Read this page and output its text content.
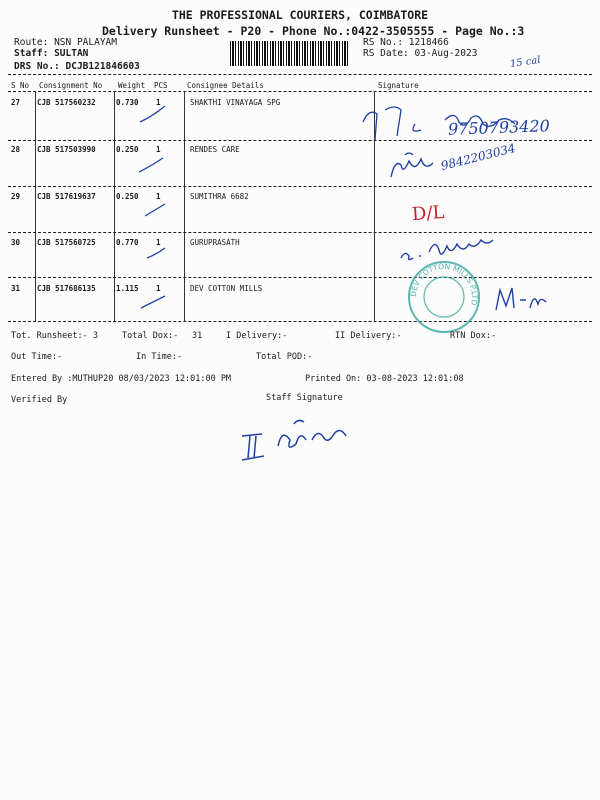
THE PROFESSIONAL COURIERS, COIMBATORE
Delivery Runsheet - P20 - Phone No.:0422-3505555 - Page No.:3
Route: NSN PALAYAM
Staff: SULTAN
DRS No.: DCJB121846603
RS No.: 1218466
RS Date: 03-Aug-2023
15 cal
S No Consignment No Weight PCS	Consignee Details	Signature
27 CJB 517560232	0.730 1	SHAKTHI VINAYAGA SPG
28 CJB 517503990	0.250 1	RENDES CARE
29 CJB 517619637	0.250 1	SUMITHRA 6682
30 CJB 517560725	0.770 1	GURUPRASATH
31 CJB 517686135	1.115 1	DEV COTTON MILLS
9750793420
9842203034
D/L
DEV COTTON MILLS P.LTD
Tot. Runsheet:- 3	Total Dox:- 31	I Delivery:-	II Delivery:-	RTN Dox:-
Out Time:-	In Time:-	Total POD:-
Entered By :MUTHUP20 08/03/2023 12:01:00 PM	Printed On: 03-08-2023 12:01:08
Verified By	Staff Signature
